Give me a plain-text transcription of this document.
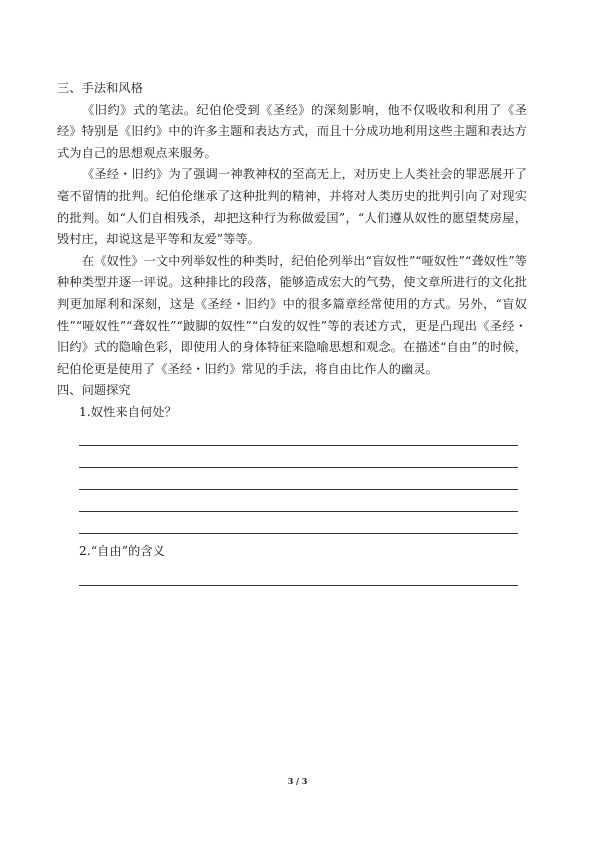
三、手法和风格

《旧约》式的笔法。纪伯伦受到《圣经》的深刻影响，他不仅吸收和利用了《圣经》特别是《旧约》中的许多主题和表达方式，而且十分成功地利用这些主题和表达方式为自己的思想观点来服务。

《圣经・旧约》为了强调一神教神权的至高无上，对历史上人类社会的罪恶展开了毫不留情的批判。纪伯伦继承了这种批判的精神，并将对人类历史的批判引向了对现实的批判。如“人们自相残杀，却把这种行为称做爱国”，“人们遵从奴性的愿望焚房屋，毁村庄，却说这是平等和友爱”等等。

在《奴性》一文中列举奴性的种类时，纪伯伦列举出“盲奴性”“哑奴性”“聋奴性”等种种类型并逐一评说。这种排比的段落，能够造成宏大的气势，使文章所进行的文化批判更加犀利和深刻，这是《圣经・旧约》中的很多篇章经常使用的方式。另外，“盲奴性”“哑奴性”“聋奴性”“跛脚的奴性”“白发的奴性”等的表述方式，更是凸现出《圣经・旧约》式的隐喻色彩，即使用人的身体特征来隐喻思想和观念。在描述“自由”的时候，纪伯伦更是使用了《圣经・旧约》常见的手法，将自由比作人的幽灵。

四、问题探究

1.奴性来自何处？

2.“自由”的含义

3 / 3
